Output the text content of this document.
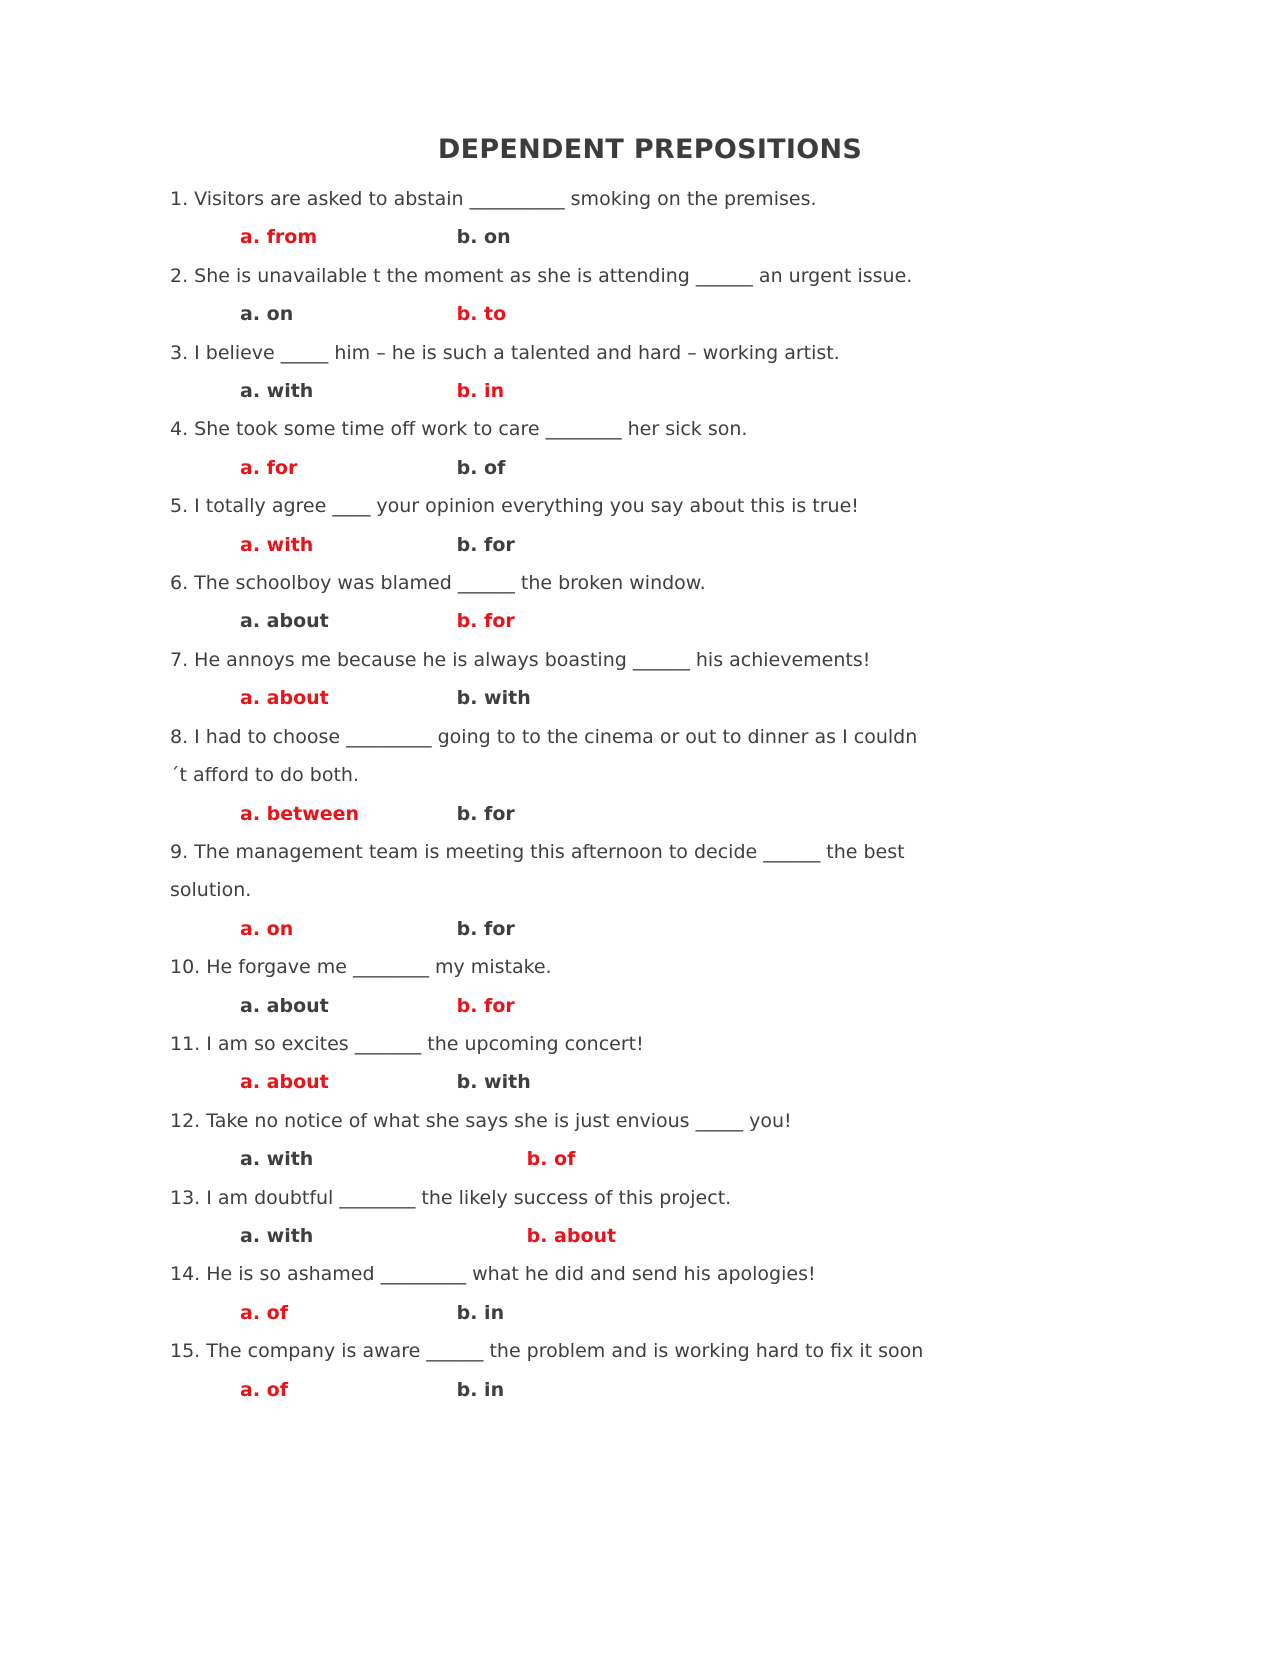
DEPENDENT PREPOSITIONS

1. Visitors are asked to abstain __________ smoking on the premises.

a. from	b. on

2. She is unavailable t the moment as she is attending ______ an urgent issue.

a. on	b. to

3. I believe _____ him – he is such a talented and hard – working artist.

a. with	b. in

4. She took some time off work to care ________ her sick son.

a. for	b. of

5. I totally agree ____ your opinion everything you say about this is true!

a. with	b. for

6. The schoolboy was blamed ______ the broken window.

a. about	b. for

7. He annoys me because he is always boasting ______ his achievements!

a. about	b. with

8. I had to choose _________ going to to the cinema or out to dinner as I couldn

´t afford to do both.

a. between	b. for

9. The management team is meeting this afternoon to decide ______ the best

solution.

a. on	b. for

10. He forgave me ________ my mistake.

a. about	b. for

11. I am so excites _______ the upcoming concert!

a. about	b. with

12. Take no notice of what she says she is just envious _____ you!

a. with	b. of

13. I am doubtful ________ the likely success of this project.

a. with	b. about

14. He is so ashamed _________ what he did and send his apologies!

a. of	b. in

15. The company is aware ______ the problem and is working hard to fix it soon

a. of	b. in
